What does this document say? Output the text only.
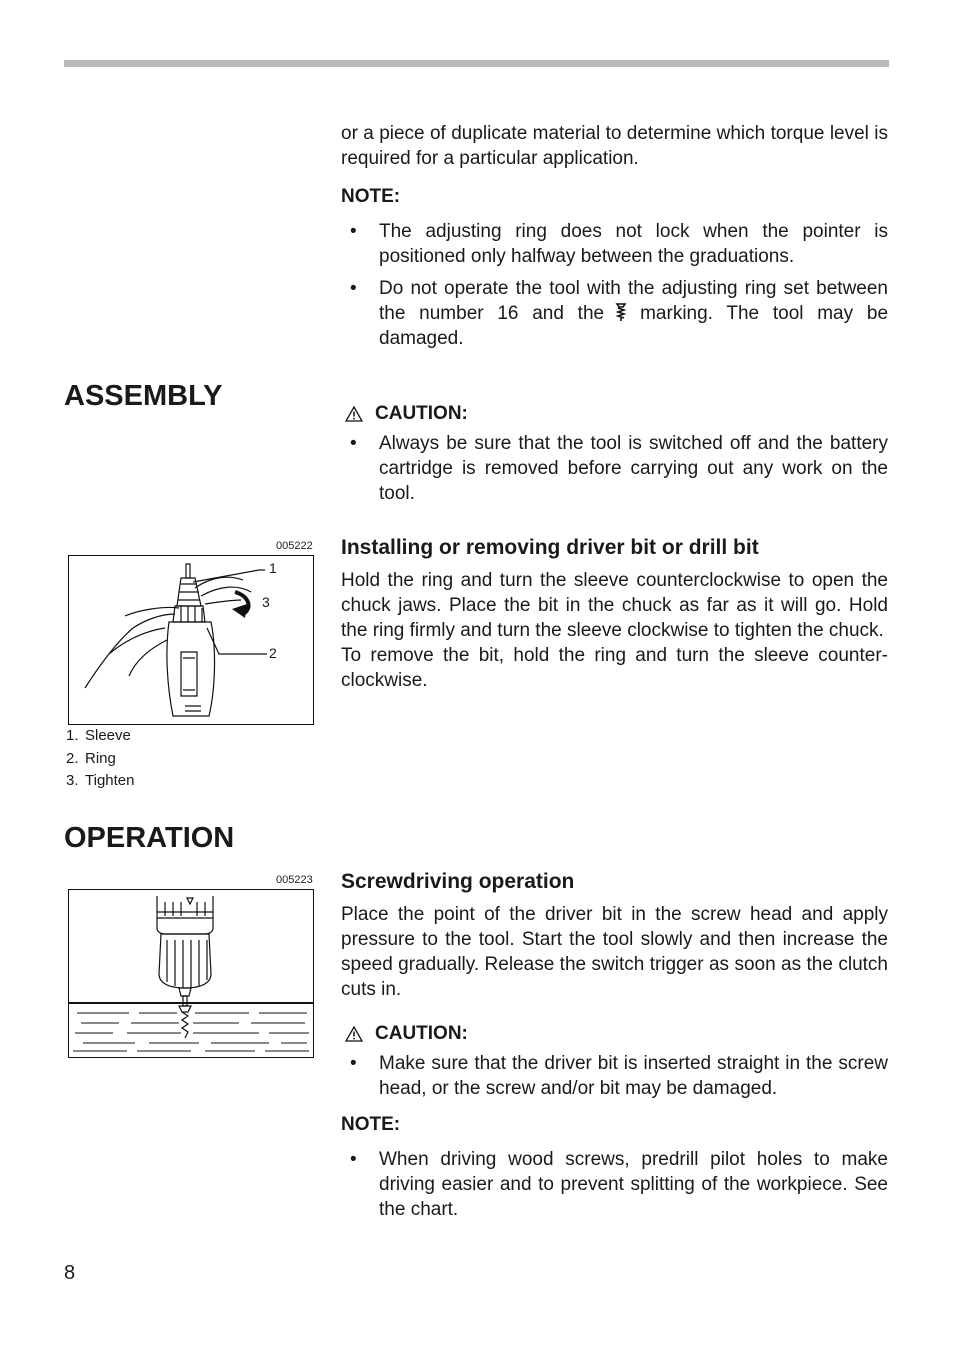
or a piece of duplicate material to determine which torque level is required for a particular application.
NOTE:
• The adjusting ring does not lock when the pointer is positioned only halfway between the graduations.
• Do not operate the tool with the adjusting ring set between the number 16 and the marking. The tool may be damaged.
ASSEMBLY
CAUTION:
• Always be sure that the tool is switched off and the battery cartridge is removed before carrying out any work on the tool.
Installing or removing driver bit or drill bit
Hold the ring and turn the sleeve counterclockwise to open the chuck jaws. Place the bit in the chuck as far as it will go. Hold the ring firmly and turn the sleeve clockwise to tighten the chuck.
To remove the bit, hold the ring and turn the sleeve counter-clockwise.
005222
1
3
2
1. Sleeve
2. Ring
3. Tighten
OPERATION
005223 Screwdriving operation
Place the point of the driver bit in the screw head and apply pressure to the tool. Start the tool slowly and then increase the speed gradually. Release the switch trigger as soon as the clutch cuts in.
CAUTION:
• Make sure that the driver bit is inserted straight in the screw head, or the screw and/or bit may be damaged.
NOTE:
• When driving wood screws, predrill pilot holes to make driving easier and to prevent splitting of the workpiece. See the chart.
8
